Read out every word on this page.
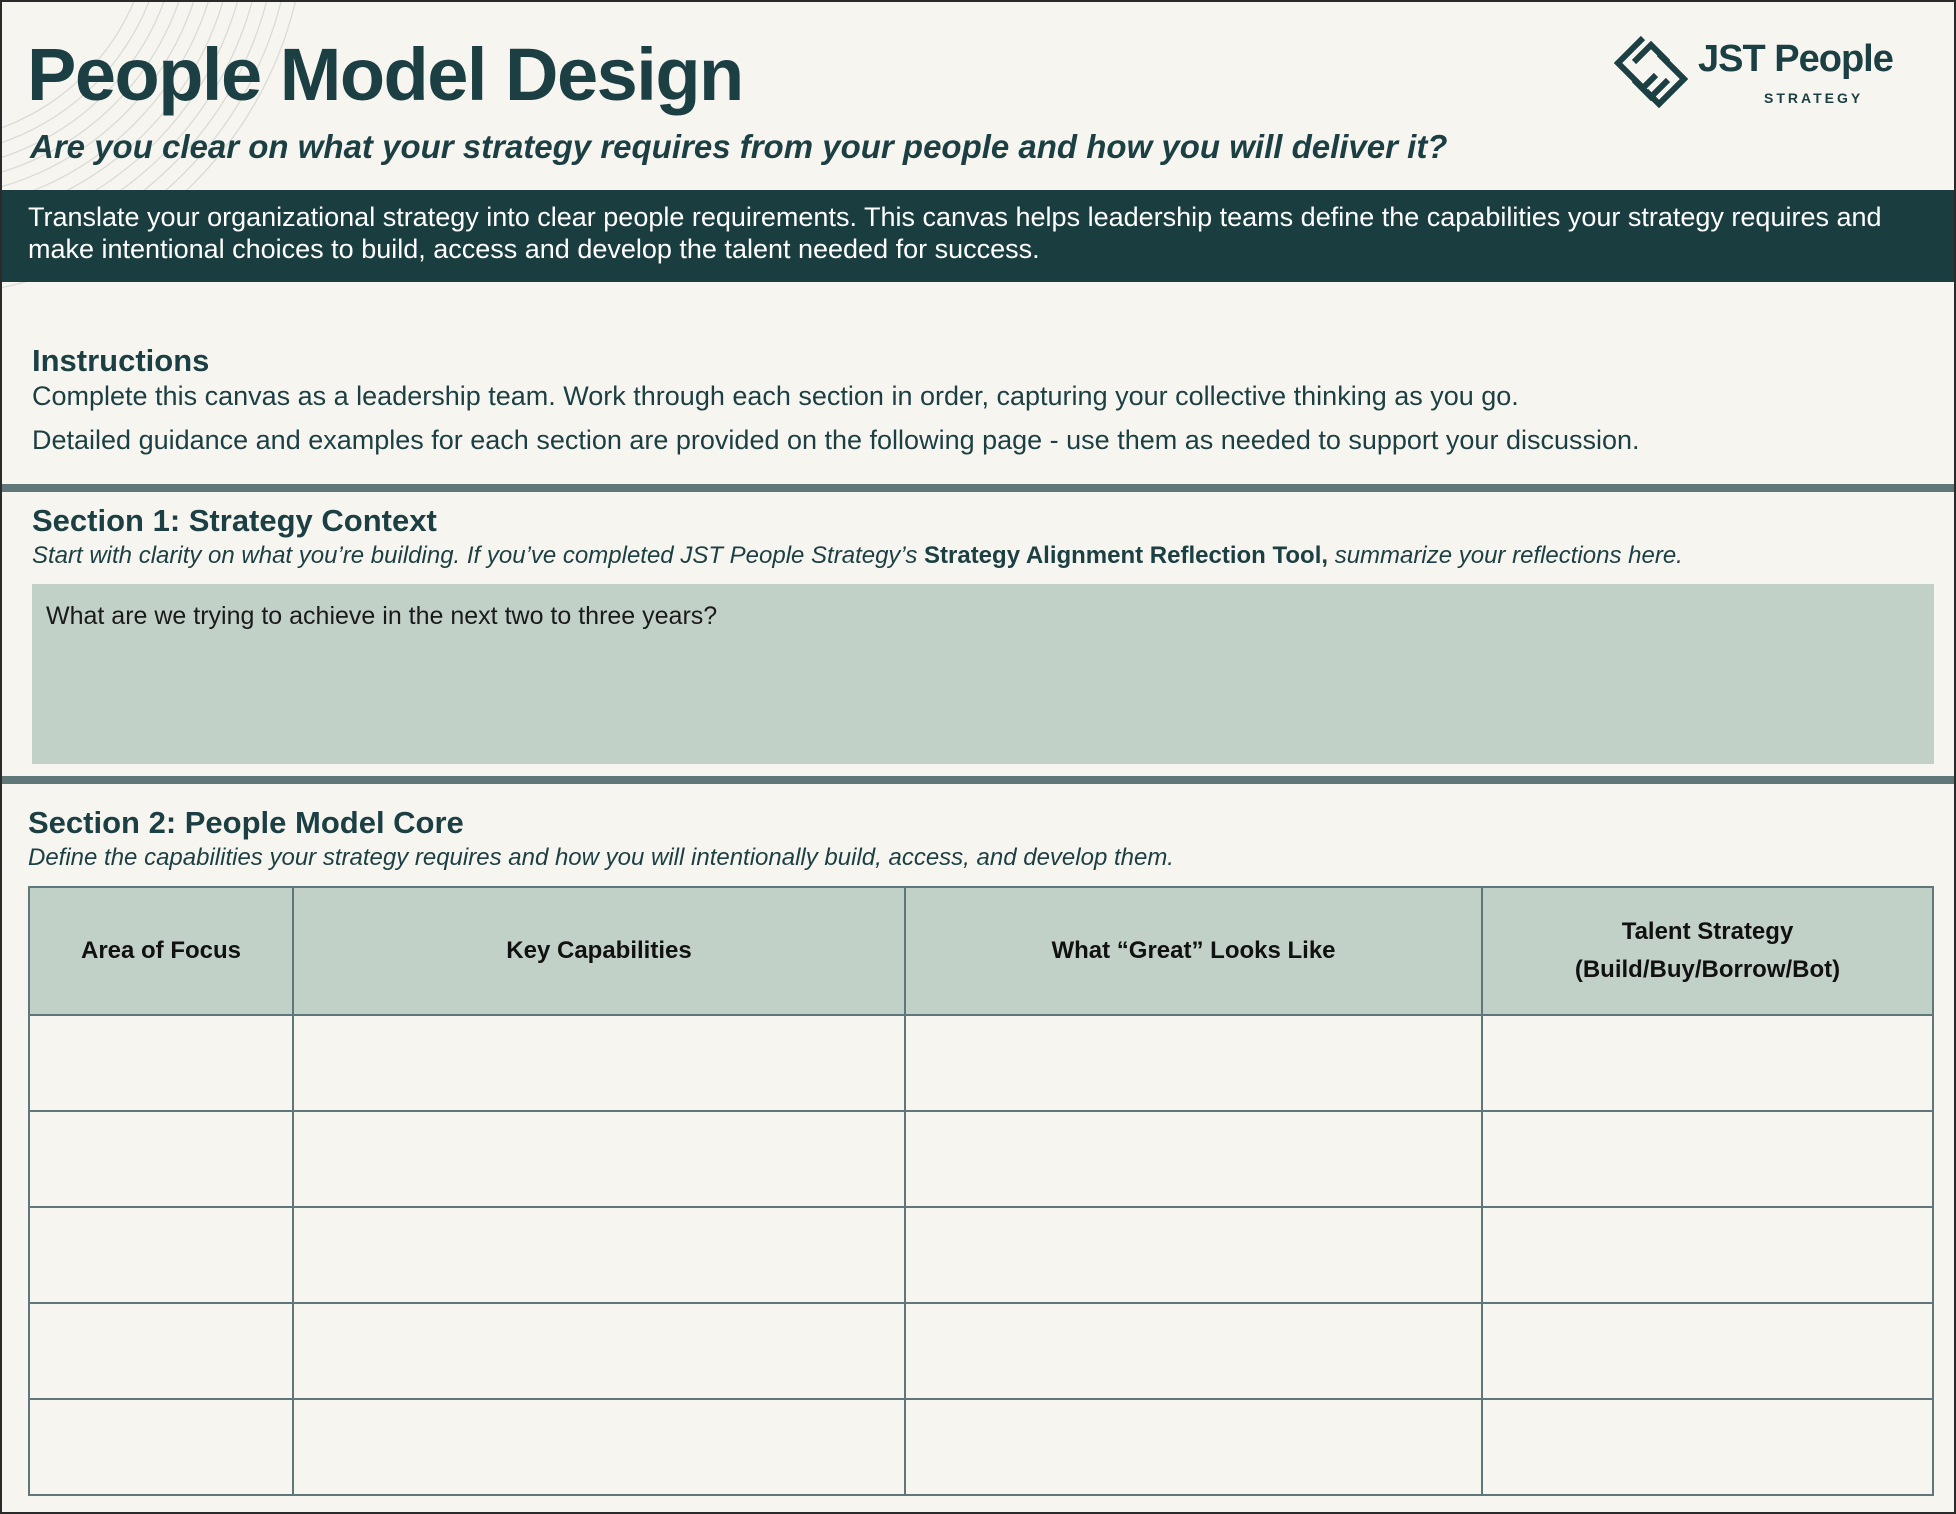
People Model Design	JST People
STRATEGY

Are you clear on what your strategy requires from your people and how you will deliver it?

Translate your organizational strategy into clear people requirements. This canvas helps leadership teams define the capabilities your strategy requires and make intentional choices to build, access and develop the talent needed for success.
Instructions

Complete this canvas as a leadership team. Work through each section in order, capturing your collective thinking as you go.

Detailed guidance and examples for each section are provided on the following page - use them as needed to support your discussion.

Section 1: Strategy Context

Start with clarity on what you’re building. If you’ve completed JST People Strategy’s Strategy Alignment Reflection Tool, summarize your reflections here.

What are we trying to achieve in the next two to three years?
Section 2: People Model Core

Define the capabilities your strategy requires and how you will intentionally build, access, and develop them.

Area of Focus	Key Capabilities	What “Great” Looks Like	Talent Strategy
(Build/Buy/Borrow/Bot)
